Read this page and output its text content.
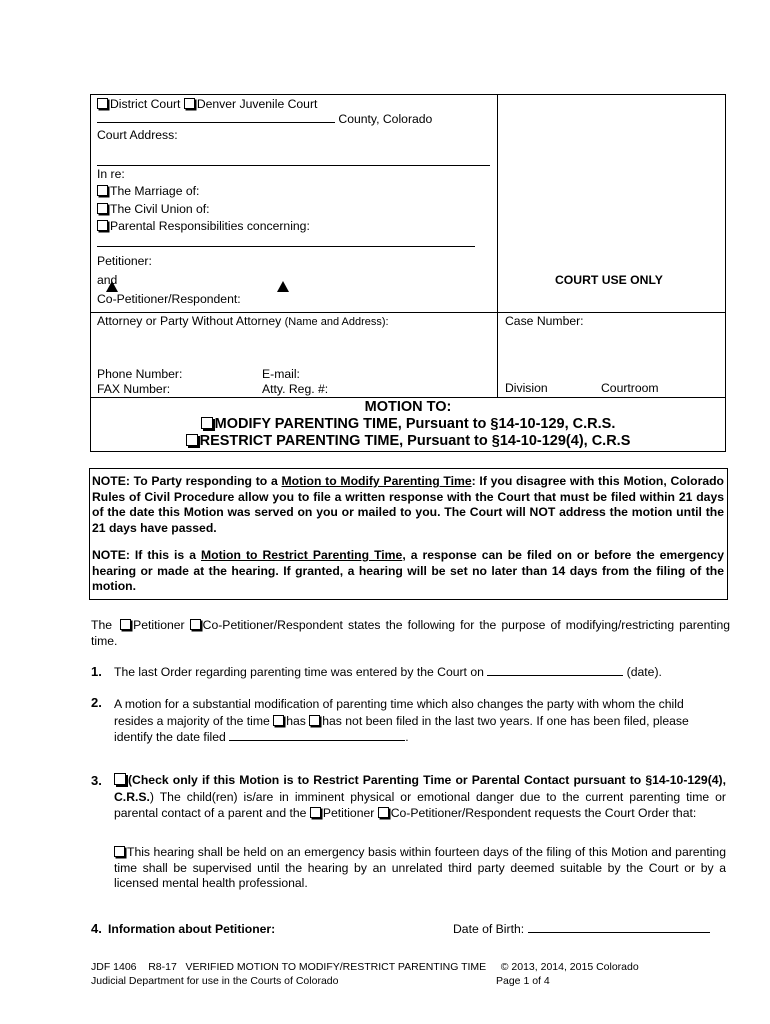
District Court Denver Juvenile Court
County, Colorado
Court Address:
In re:
The Marriage of:
The Civil Union of:
Parental Responsibilities concerning:
Petitioner:
and
Co-Petitioner/Respondent:
COURT USE ONLY
Attorney or Party Without Attorney (Name and Address):	Case Number:
Phone Number:	E-mail:
FAX Number:	Atty. Reg. #:	Division	Courtroom
MOTION TO:
MODIFY PARENTING TIME, Pursuant to §14-10-129, C.R.S.
RESTRICT PARENTING TIME, Pursuant to §14-10-129(4), C.R.S
NOTE: To Party responding to a Motion to Modify Parenting Time: If you disagree with this Motion, Colorado Rules of Civil Procedure allow you to file a written response with the Court that must be filed within 21 days of the date this Motion was served on you or mailed to you. The Court will NOT address the motion until the 21 days have passed.
NOTE: If this is a Motion to Restrict Parenting Time, a response can be filed on or before the emergency hearing or made at the hearing. If granted, a hearing will be set no later than 14 days from the filing of the motion.
The Petitioner Co-Petitioner/Respondent states the following for the purpose of modifying/restricting parenting time.
1. The last Order regarding parenting time was entered by the Court on	(date).
2. A motion for a substantial modification of parenting time which also changes the party with whom the child resides a majority of the time has has not been filed in the last two years. If one has been filed, please identify the date filed	.
3.	(Check only if this Motion is to Restrict Parenting Time or Parental Contact pursuant to §14-10-129(4), C.R.S.) The child(ren) is/are in imminent physical or emotional danger due to the current parenting time or parental contact of a parent and the Petitioner Co-Petitioner/Respondent requests the Court Order that:
This hearing shall be held on an emergency basis within fourteen days of the filing of this Motion and parenting time shall be supervised until the hearing by an unrelated third party deemed suitable by the Court or by a licensed mental health professional.
4. Information about Petitioner:	Date of Birth:
JDF 1406    R8-17   VERIFIED MOTION TO MODIFY/RESTRICT PARENTING TIME     © 2013, 2014, 2015 Colorado
Judicial Department for use in the Courts of Colorado	Page 1 of 4
